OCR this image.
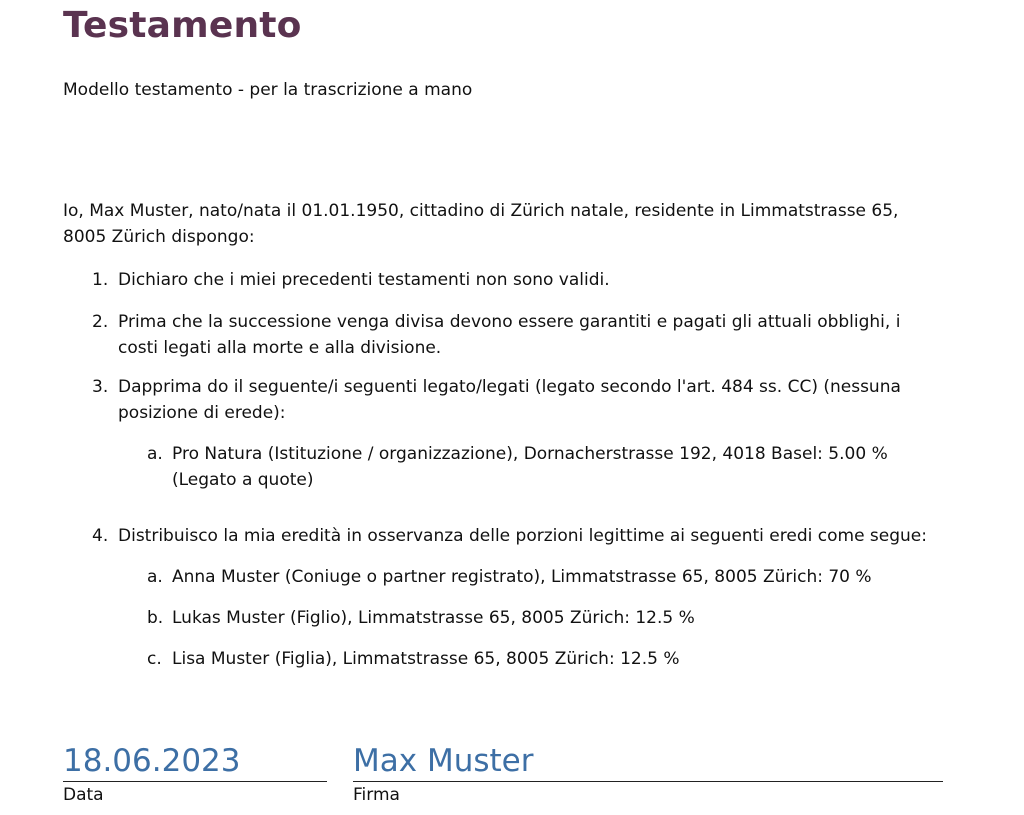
Testamento

Modello testamento - per la trascrizione a mano

Io, Max Muster, nato/nata il 01.01.1950, cittadino di Zürich natale, residente in Limmatstrasse 65, 8005 Zürich dispongo:

1. Dichiaro che i miei precedenti testamenti non sono validi.
2. Prima che la successione venga divisa devono essere garantiti e pagati gli attuali obblighi, i costi legati alla morte e alla divisione.
3. Dapprima do il seguente/i seguenti legato/legati (legato secondo l'art. 484 ss. CC) (nessuna posizione di erede):
a. Pro Natura (Istituzione / organizzazione), Dornacherstrasse 192, 4018 Basel: 5.00 % (Legato a quote)
4. Distribuisco la mia eredità in osservanza delle porzioni legittime ai seguenti eredi come segue:
a. Anna Muster (Coniuge o partner registrato), Limmatstrasse 65, 8005 Zürich: 70 %
b. Lukas Muster (Figlio), Limmatstrasse 65, 8005 Zürich: 12.5 %
c. Lisa Muster (Figlia), Limmatstrasse 65, 8005 Zürich: 12.5 %
18.06.2023
Data
Max Muster
Firma
